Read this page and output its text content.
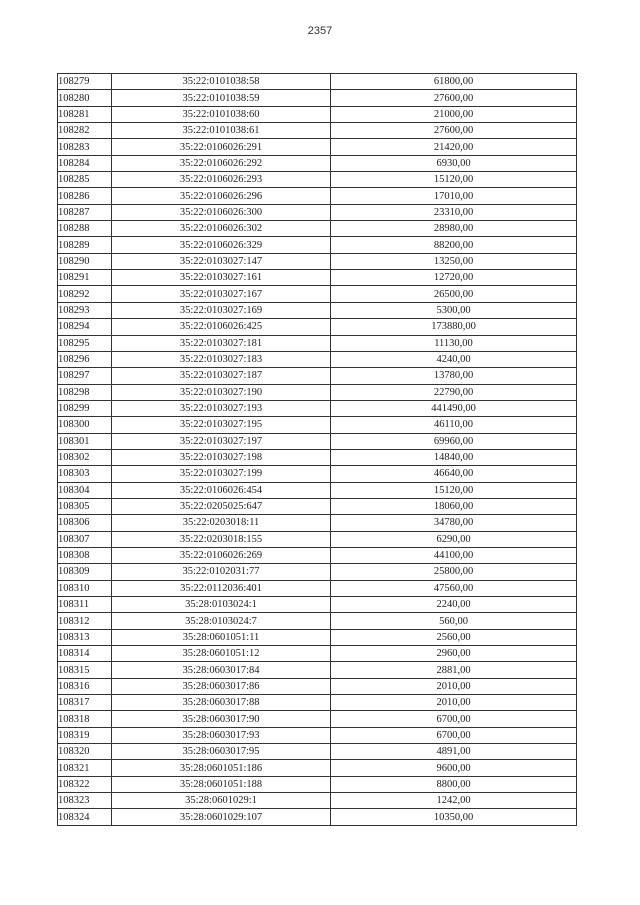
2357
108279	35:22:0101038:58	61800,00
108280	35:22:0101038:59	27600,00
108281	35:22:0101038:60	21000,00
108282	35:22:0101038:61	27600,00
108283	35:22:0106026:291	21420,00
108284	35:22:0106026:292	6930,00
108285	35:22:0106026:293	15120,00
108286	35:22:0106026:296	17010,00
108287	35:22:0106026:300	23310,00
108288	35:22:0106026:302	28980,00
108289	35:22:0106026:329	88200,00
108290	35:22:0103027:147	13250,00
108291	35:22:0103027:161	12720,00
108292	35:22:0103027:167	26500,00
108293	35:22:0103027:169	5300,00
108294	35:22:0106026:425	173880,00
108295	35:22:0103027:181	11130,00
108296	35:22:0103027:183	4240,00
108297	35:22:0103027:187	13780,00
108298	35:22:0103027:190	22790,00
108299	35:22:0103027:193	441490,00
108300	35:22:0103027:195	46110,00
108301	35:22:0103027:197	69960,00
108302	35:22:0103027:198	14840,00
108303	35:22:0103027:199	46640,00
108304	35:22:0106026:454	15120,00
108305	35:22:0205025:647	18060,00
108306	35:22:0203018:11	34780,00
108307	35:22:0203018:155	6290,00
108308	35:22:0106026:269	44100,00
108309	35:22:0102031:77	25800,00
108310	35:22:0112036:401	47560,00
108311	35:28:0103024:1	2240,00
108312	35:28:0103024:7	560,00
108313	35:28:0601051:11	2560,00
108314	35:28:0601051:12	2960,00
108315	35:28:0603017:84	2881,00
108316	35:28:0603017:86	2010,00
108317	35:28:0603017:88	2010,00
108318	35:28:0603017:90	6700,00
108319	35:28:0603017:93	6700,00
108320	35:28:0603017:95	4891,00
108321	35:28:0601051:186	9600,00
108322	35:28:0601051:188	8800,00
108323	35:28:0601029:1	1242,00
108324	35:28:0601029:107	10350,00
